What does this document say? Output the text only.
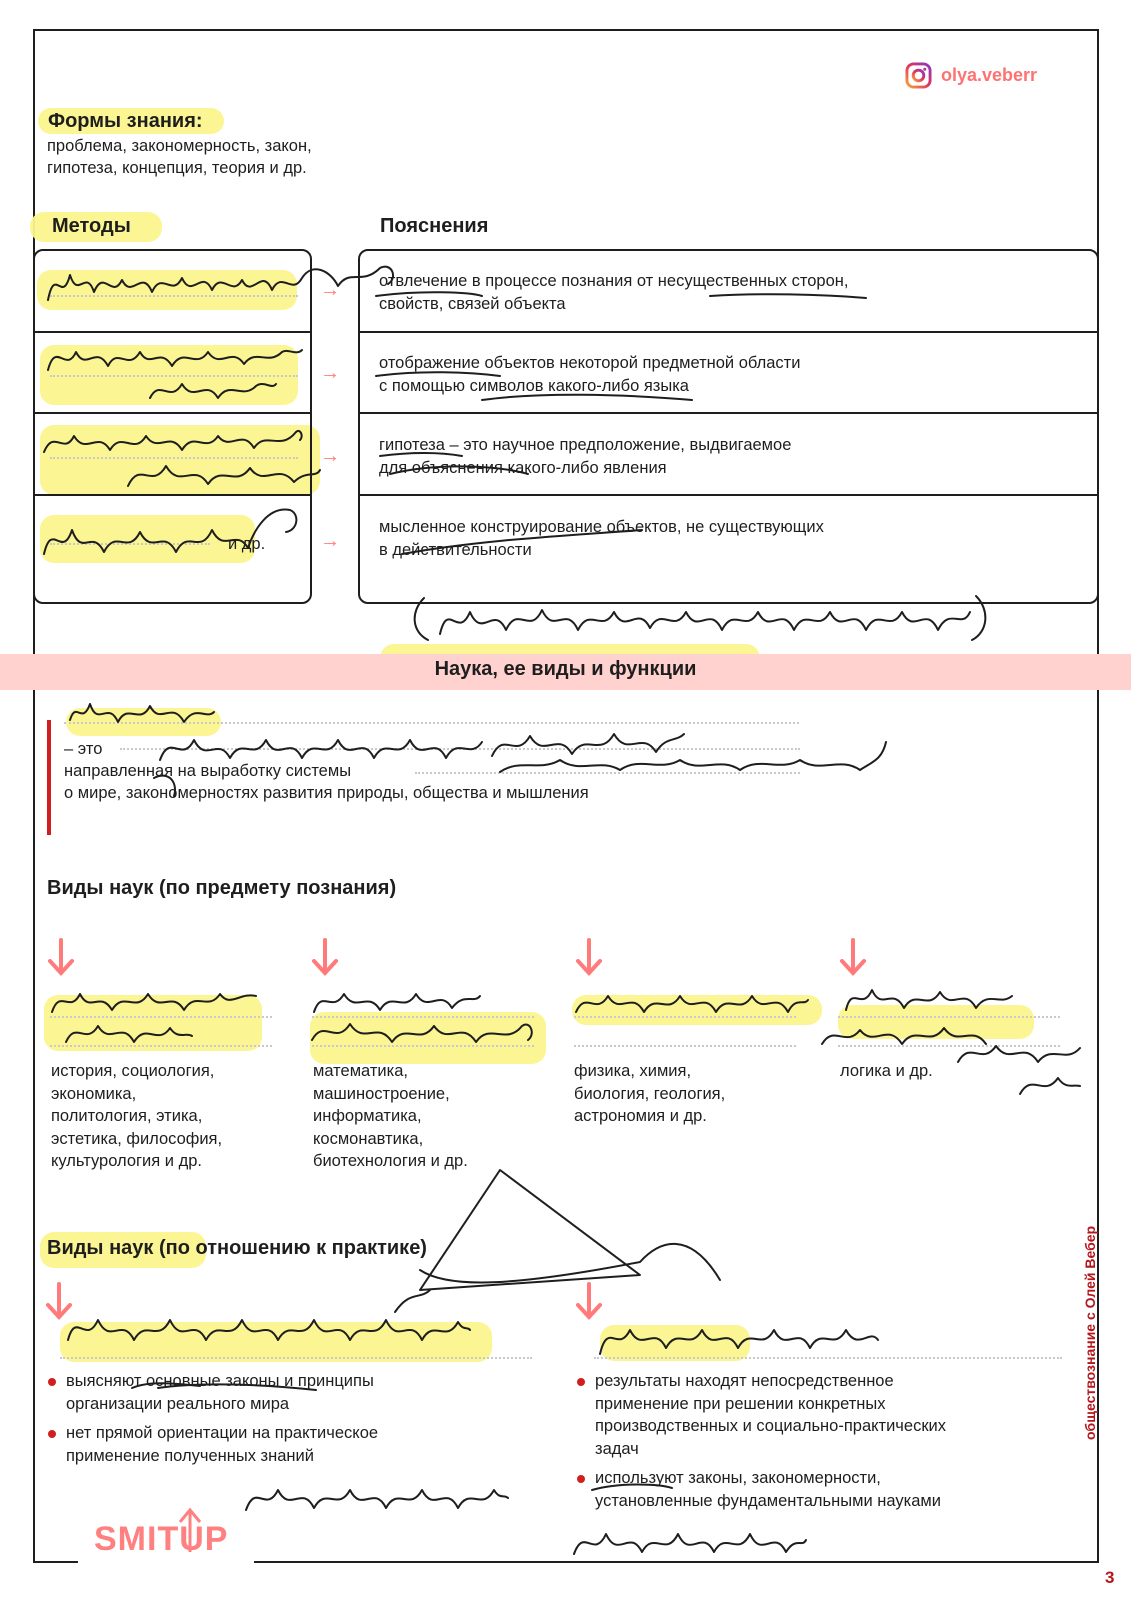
olya.veberr
Формы знания:
проблема, закономерность, закон,
гипотеза, концепция, теория и др.
Методы	Пояснения
и др.
→
→
→
→
отвлечение в процессе познания от несущественных сторон,
свойств, связей объекта
отображение объектов некоторой предметной области
с помощью символов какого-либо языка
гипотеза – это научное предположение, выдвигаемое
для объяснения какого-либо явления
мысленное конструирование объектов, не существующих
в действительности
Наука, ее виды и функции
– это
направленная на выработку системы
о мире, закономерностях развития природы, общества и мышления
Виды наук (по предмету познания)
история, социология,
экономика,
политология, этика,
эстетика, философия,
культурология и др.
математика,
машиностроение,
информатика,
космонавтика,
биотехнология и др.
физика, химия,
биология, геология,
астрономия и др.
логика и др.
Виды наук (по отношению к практике)
выясняют основные законы и принципы
организации реального мира
нет прямой ориентации на практическое
применение полученных знаний
результаты находят непосредственное
применение при решении конкретных
производственных и социально-практических
задач
используют законы, закономерности,
установленные фундаментальными науками
SMITUP
обществознание с Олей Вебер
3
